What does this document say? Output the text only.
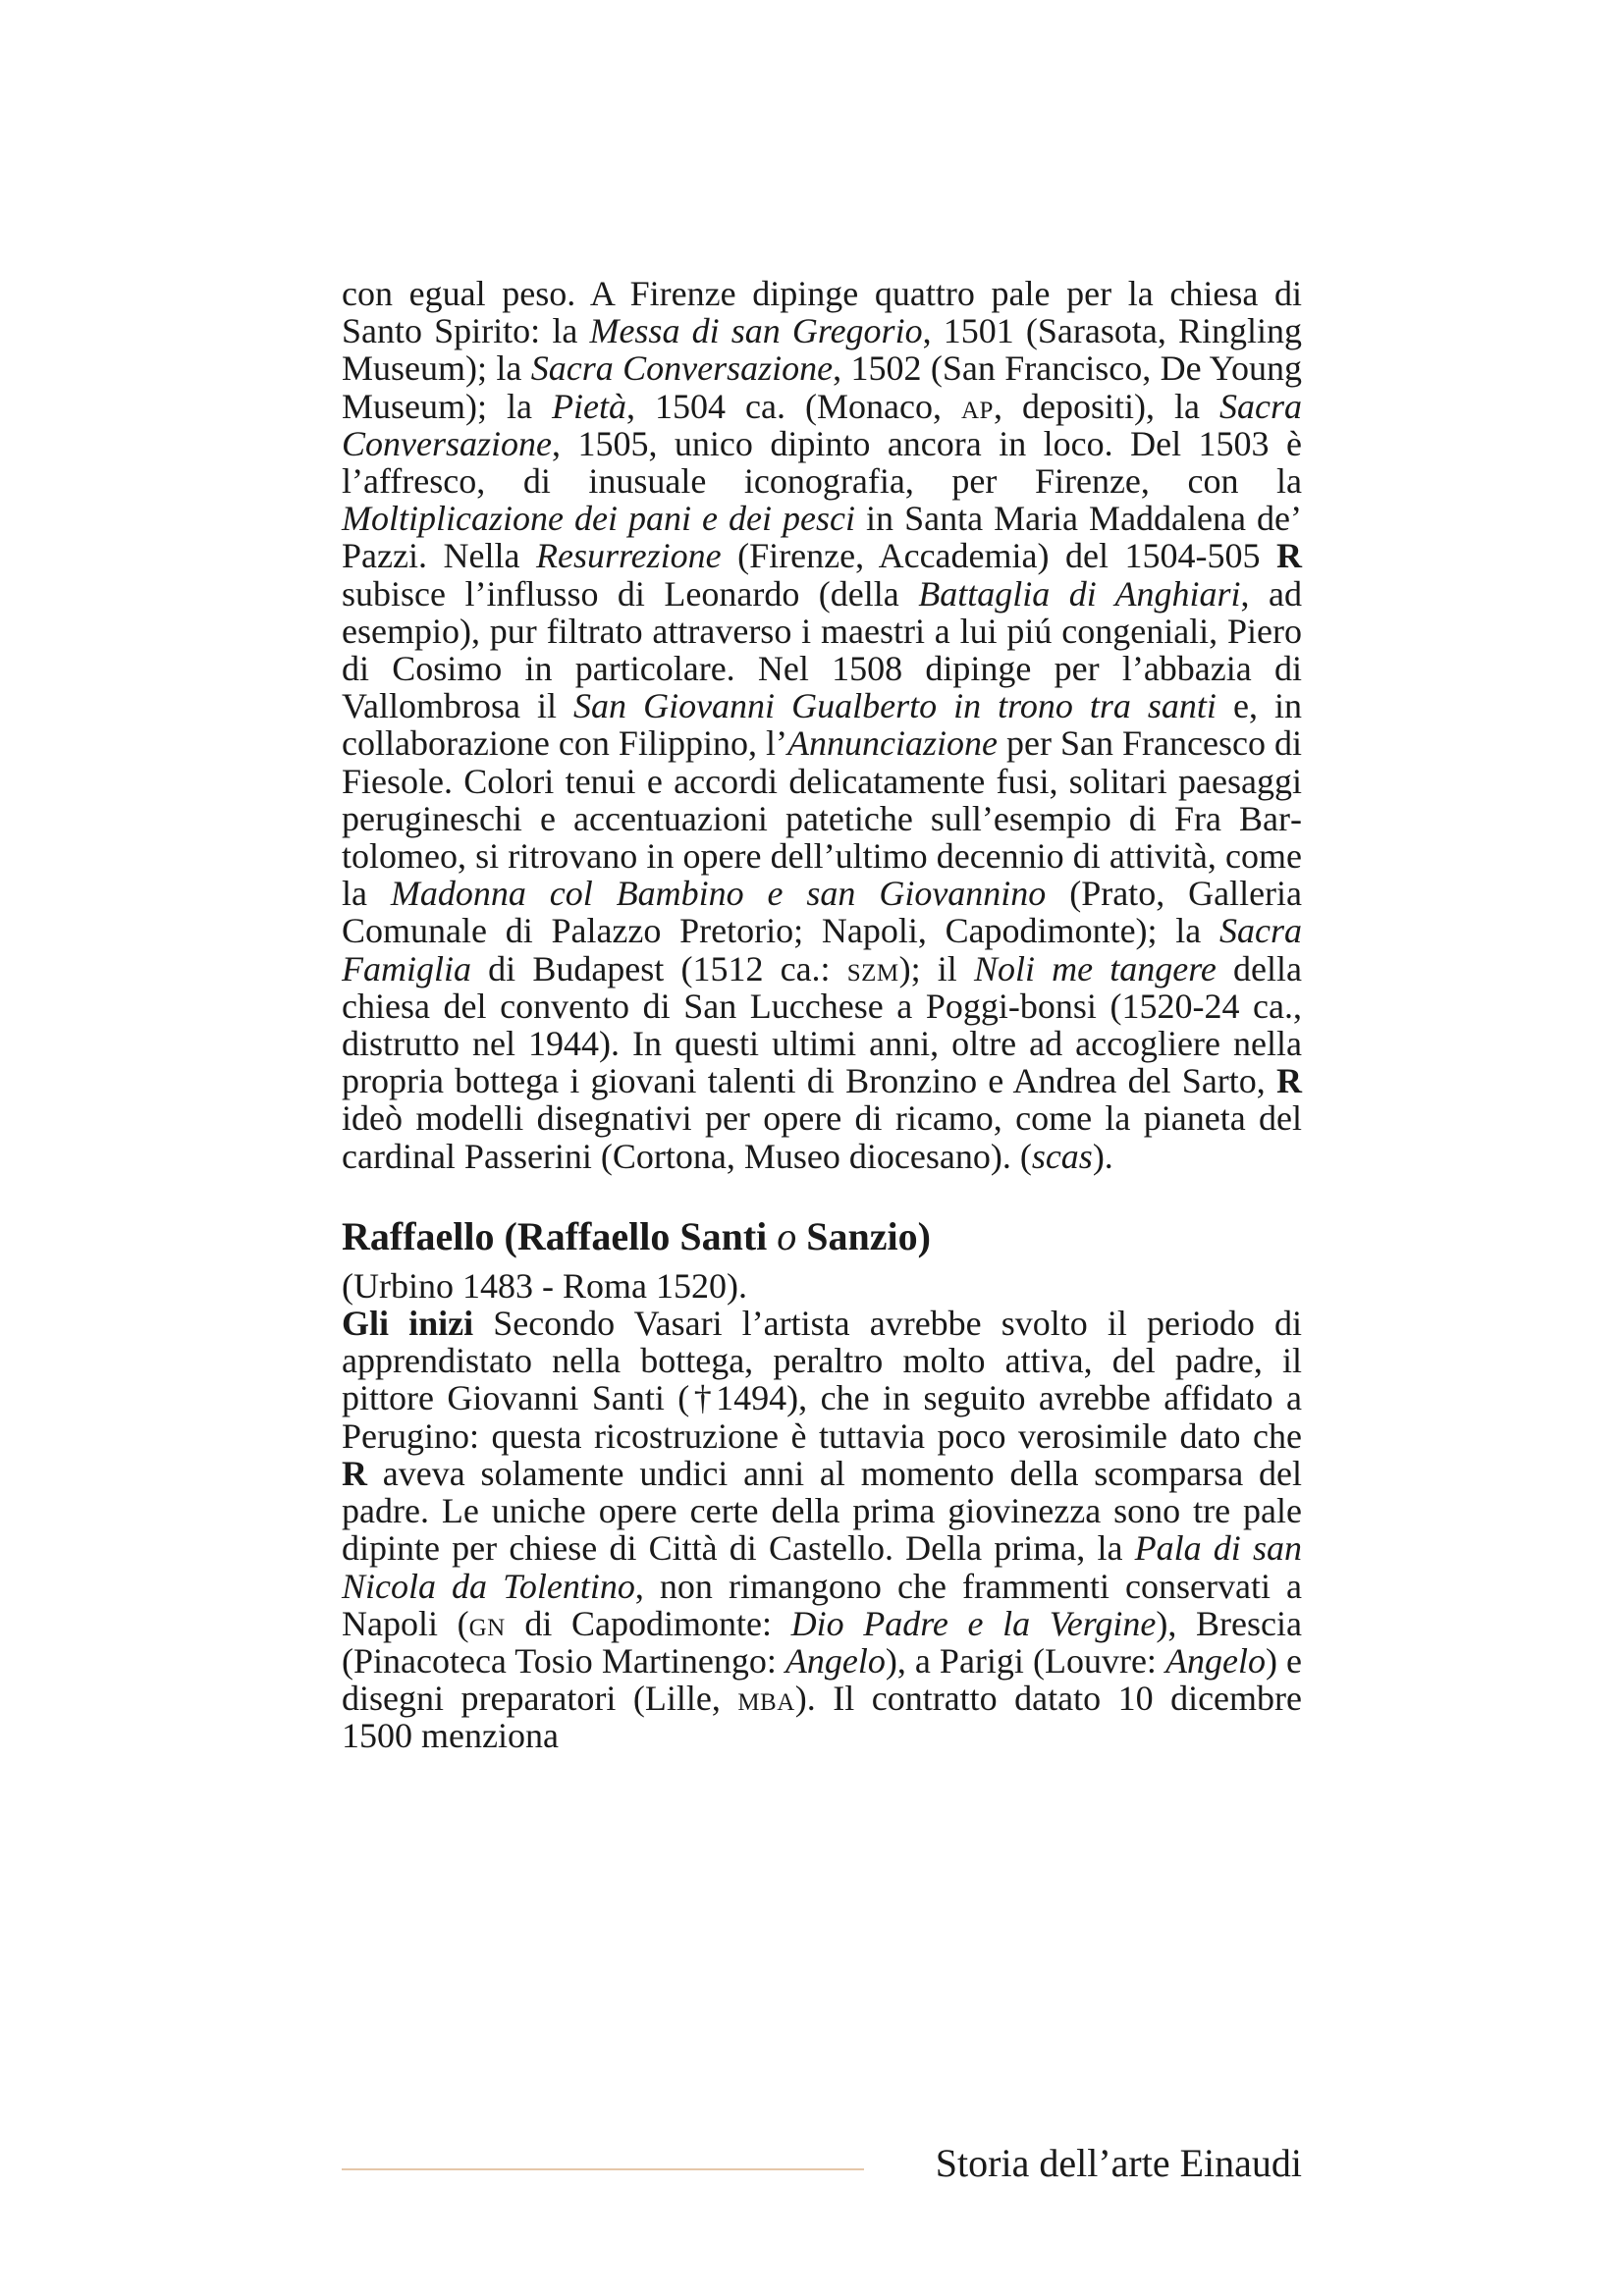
con egual peso. A Firenze dipinge quattro pale per la chiesa di Santo Spirito: la Messa di san Gregorio, 1501 (Sarasota, Ringling Museum); la Sacra Conversazione, 1502 (San Francisco, De Young Museum); la Pietà, 1504 ca. (Monaco, ap, depositi), la Sacra Conversazione, 1505, unico dipinto ancora in loco. Del 1503 è l’affresco, di inusuale iconografia, per Firenze, con la Moltiplicazione dei pani e dei pesci in Santa Maria Maddalena de’ Pazzi. Nella Resurrezione (Firenze, Accademia) del 1504-505 R subisce l’influsso di Leonardo (della Battaglia di Anghiari, ad esempio), pur filtrato attraverso i maestri a lui piú congeniali, Piero di Cosimo in particolare. Nel 1508 dipinge per l’abbazia di Vallombrosa il San Giovanni Gualberto in trono tra santi e, in collaborazione con Filippino, l’Annunciazione per San Francesco di Fiesole. Colori tenui e accordi delicatamente fusi, solitari paesaggi perugineschi e accentuazioni patetiche sull’esempio di Fra Bartolomeo, si ritrovano in opere dell’ultimo decennio di attività, come la Madonna col Bambino e san Giovannino (Prato, Galleria Comunale di Palazzo Pretorio; Napoli, Capodimonte); la Sacra Famiglia di Budapest (1512 ca.: szm); il Noli me tangere della chiesa del convento di San Lucchese a Poggi-bonsi (1520-24 ca., distrutto nel 1944). In questi ultimi anni, oltre ad accogliere nella propria bottega i giovani talenti di Bronzino e Andrea del Sarto, R ideò modelli disegnativi per opere di ricamo, come la pianeta del cardinal Passerini (Cortona, Museo diocesano). (scas).

Raffaello (Raffaello Santi o Sanzio)

(Urbino 1483 - Roma 1520).

Gli inizi Secondo Vasari l’artista avrebbe svolto il periodo di apprendistato nella bottega, peraltro molto attiva, del padre, il pittore Giovanni Santi (†1494), che in seguito avrebbe affidato a Perugino: questa ricostruzione è tuttavia poco verosimile dato che R aveva solamente undici anni al momento della scomparsa del padre. Le uniche opere certe della prima giovinezza sono tre pale dipinte per chiese di Città di Castello. Della prima, la Pala di san Nicola da Tolentino, non rimangono che frammenti conservati a Napoli (gn di Capodimonte: Dio Padre e la Vergine), Brescia (Pinacoteca Tosio Martinengo: Angelo), a Parigi (Louvre: Angelo) e disegni preparatori (Lille, mba). Il contratto datato 10 dicembre 1500 menziona

Storia dell’arte Einaudi
